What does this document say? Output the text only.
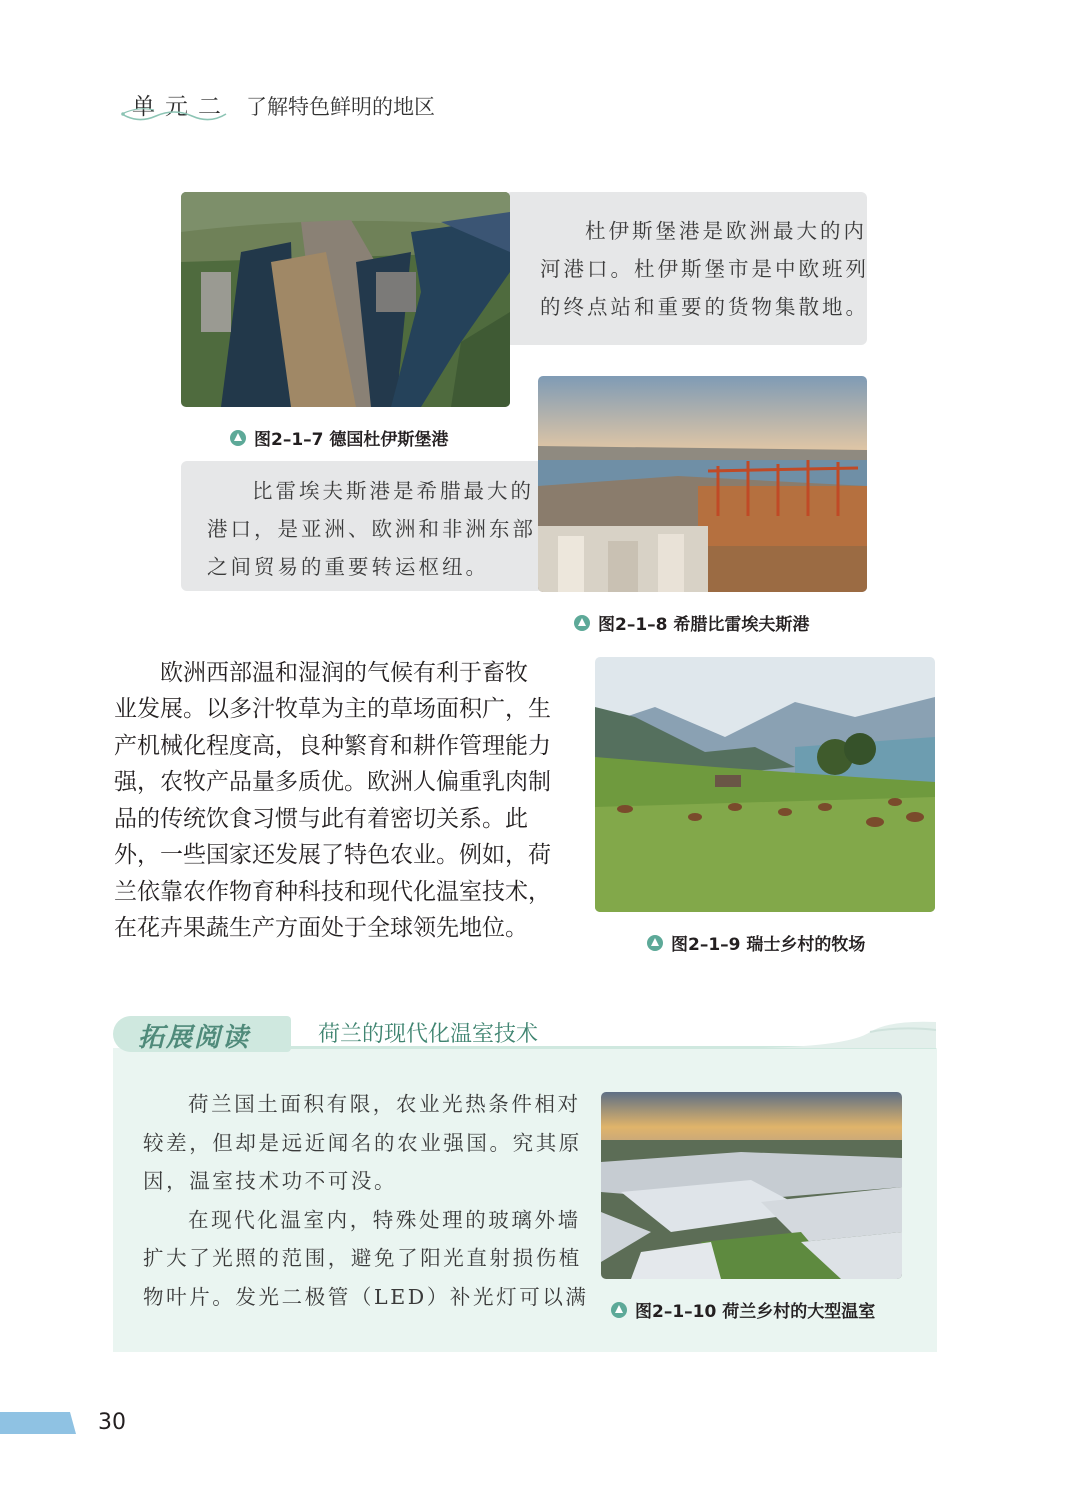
单元二 了解特色鲜明的地区
杜伊斯堡港是欧洲最大的内
河港口。杜伊斯堡市是中欧班列
的终点站和重要的货物集散地。
图2–1–7 德国杜伊斯堡港
比雷埃夫斯港是希腊最大的
港口，是亚洲、欧洲和非洲东部
之间贸易的重要转运枢纽。
图2–1–8 希腊比雷埃夫斯港
欧洲西部温和湿润的气候有利于畜牧
业发展。以多汁牧草为主的草场面积广，生
产机械化程度高，良种繁育和耕作管理能力
强，农牧产品量多质优。欧洲人偏重乳肉制
品的传统饮食习惯与此有着密切关系。此
外，一些国家还发展了特色农业。例如，荷
兰依靠农作物育种科技和现代化温室技术，
在花卉果蔬生产方面处于全球领先地位。
图2–1–9 瑞士乡村的牧场
拓展阅读	荷兰的现代化温室技术
荷兰国土面积有限，农业光热条件相对
较差，但却是远近闻名的农业强国。究其原
因，温室技术功不可没。
在现代化温室内，特殊处理的玻璃外墙
扩大了光照的范围，避免了阳光直射损伤植
物叶片。发光二极管（LED）补光灯可以满
图2–1–10 荷兰乡村的大型温室
30
